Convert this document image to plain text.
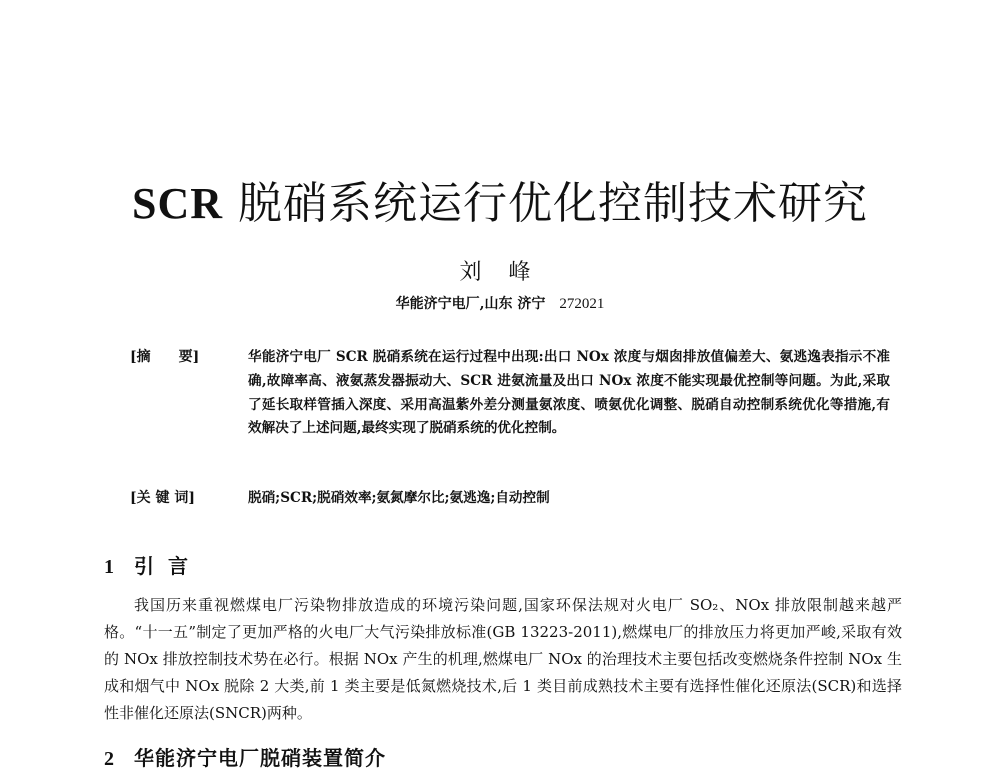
SCR 脱硝系统运行优化控制技术研究
刘 峰
华能济宁电厂,山东 济宁 272021
[摘　　要]	华能济宁电厂 SCR 脱硝系统在运行过程中出现:出口 NOx 浓度与烟囱排放值偏差大、氨逃逸表指示不准确,故障率高、液氨蒸发器振动大、SCR 进氨流量及出口 NOx 浓度不能实现最优控制等问题。为此,采取了延长取样管插入深度、采用高温紫外差分测量氨浓度、喷氨优化调整、脱硝自动控制系统优化等措施,有效解决了上述问题,最终实现了脱硝系统的优化控制。
[关 键 词]	脱硝;SCR;脱硝效率;氨氮摩尔比;氨逃逸;自动控制
1 引言
我国历来重视燃煤电厂污染物排放造成的环境污染问题,国家环保法规对火电厂 SO₂、NOx 排放限制越来越严格。“十一五”制定了更加严格的火电厂大气污染排放标准(GB 13223-2011),燃煤电厂的排放压力将更加严峻,采取有效的 NOx 排放控制技术势在必行。根据 NOx 产生的机理,燃煤电厂 NOx 的治理技术主要包括改变燃烧条件控制 NOx 生成和烟气中 NOx 脱除 2 大类,前 1 类主要是低氮燃烧技术,后 1 类目前成熟技术主要有选择性催化还原法(SCR)和选择性非催化还原法(SNCR)两种。
2 华能济宁电厂脱硝装置简介
